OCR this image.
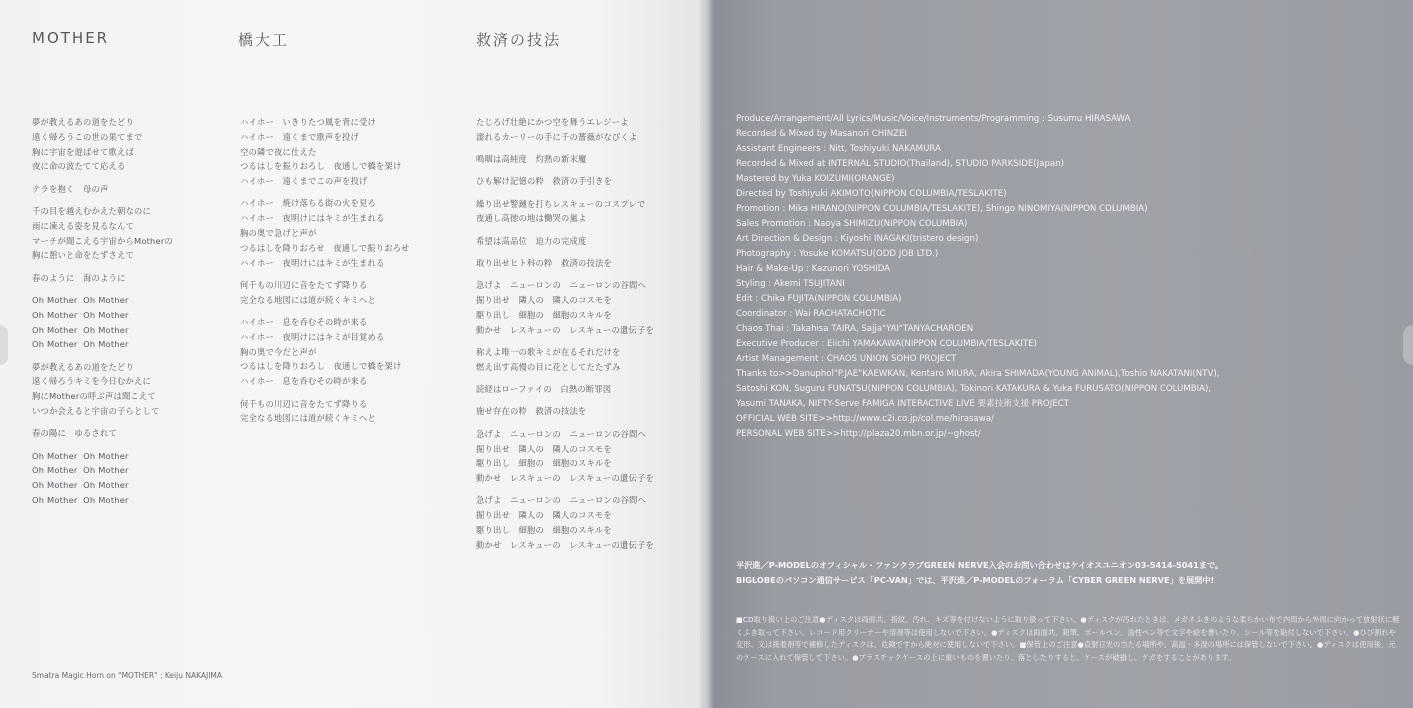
MOTHER	橋大工	救済の技法
夢が教えるあの道をたどり
遠く帰ろうこの世の果てまで
胸に宇宙を遊ばせて歌えば
夜に命の波たてて応える
テラを抱く　母の声
千の目を越えむかえた朝なのに
雨に凍える姿を見るなんて
マーチが聞こえる宇宙からMotherの
胸に憩いと命をたずさえて
春のように　海のように
Oh Mother  Oh Mother
Oh Mother  Oh Mother
Oh Mother  Oh Mother
Oh Mother  Oh Mother
夢が教えるあの道をたどり
遠く帰ろうキミを今日むかえに
胸にMotherの呼ぶ声は聞こえて
いつか会えると宇宙の子らとして
春の陽に　ゆるされて
Oh Mother  Oh Mother
Oh Mother  Oh Mother
Oh Mother  Oh Mother
Oh Mother  Oh Mother
ハイホー　いきりたつ風を背に受け
ハイホー　遠くまで歌声を投げ
空の隣で夜に仕えた
つるはしを振りおろし　夜通しで橋を架け
ハイホー　遠くまでこの声を投げ
ハイホー　焼け落ちる街の火を見ろ
ハイホー　夜明けにはキミが生まれる
胸の奥で急げと声が
つるはしを降りおろせ　夜通しで振りおろせ
ハイホー　夜明けにはキミが生まれる
何千もの川辺に音をたてず降りる
完全なる地図には道が続くキミへと
ハイホー　息を呑むその時が来る
ハイホー　夜明けにはキミが目覚める
胸の奥で今だと声が
つるはしを降りおろし　夜通しで橋を架け
ハイホー　息を呑むその時が来る
何千もの川辺に音をたてず降りる
完全なる地図には道が続くキミへと
たじろげ壮絶にかつ空を舞うエレジーよ
濡れるカーリーの手に千の薔薇がなびくよ
鳴咽は高純度　灼熱の新末魔
ひも解け記憶の粋　救済の手引きを
繰り出せ警鐘を打ちレスキューのコスプレで
夜通し高徳の地は慟哭の嵐よ
希望は高品位　迫力の完成度
取り出せヒト科の粋　救済の技法を
急げよ　ニューロンの　ニューロンの谷間へ
掘り出せ　隣人の　隣人のコスモを
駆り出し　細胞の　細胞のスキルを
動かせ　レスキューの　レスキューの遺伝子を
称えよ唯一の歌キミが在るそれだけを
燃え出す高慢の目に花としてたたずみ
読経はローファイの　白熱の断罪図
施せ存在の粋　救済の技法を
急げよ　ニューロンの　ニューロンの谷間へ
掘り出せ　隣人の　隣人のコスモを
駆り出し　細胞の　細胞のスキルを
動かせ　レスキューの　レスキューの遺伝子を
急げよ　ニューロンの　ニューロンの谷間へ
掘り出せ　隣人の　隣人のコスモを
駆り出し　細胞の　細胞のスキルを
動かせ　レスキューの　レスキューの遺伝子を
Smatra Magic Horn on "MOTHER" : Keiju NAKAJIMA
Produce/Arrangement/All Lyrics/Music/Voice/Instruments/Programming : Susumu HIRASAWA
Recorded & Mixed by Masanori CHINZEI
Assistant Engineers : Nitt, Toshiyuki NAKAMURA
Recorded & Mixed at INTERNAL STUDIO(Thailand), STUDIO PARKSIDE(Japan)
Mastered by Yuka KOIZUMI(ORANGE)
Directed by Toshiyuki AKIMOTO(NIPPON COLUMBIA/TESLAKITE)
Promotion : Mika HIRANO(NIPPON COLUMBIA/TESLAKITE), Shingo NINOMIYA(NIPPON COLUMBIA)
Sales Promotion : Naoya SHIMIZU(NIPPON COLUMBIA)
Art Direction & Design : Kiyoshi INAGAKI(tristero design)
Photography : Yosuke KOMATSU(ODD JOB LTD.)
Hair & Make-Up : Kazunori YOSHIDA
Styling : Akemi TSUJITANI
Edit : Chika FUJITA(NIPPON COLUMBIA)
Coordinator : Wai RACHATACHOTIC
Chaos Thai : Takahisa TAIRA, Sajja"YAI"TANYACHAROEN
Executive Producer : Eiichi YAMAKAWA(NIPPON COLUMBIA/TESLAKITE)
Artist Management : CHAOS UNION SOHO PROJECT
Thanks to>>Danuphol"P.JAE"KAEWKAN, Kentaro MIURA, Akira SHIMADA(YOUNG ANIMAL),Toshio NAKATANI(NTV),
Satoshi KON, Suguru FUNATSU(NIPPON COLUMBIA), Tokinori KATAKURA & Yuka FURUSATO(NIPPON COLUMBIA),
Yasumi TANAKA, NIFTY-Serve FAMIGA INTERACTIVE LIVE 要素技術支援 PROJECT
OFFICIAL WEB SITE>>http://www.c2i.co.jp/col.me/hirasawa/
PERSONAL WEB SITE>>http://plaza20.mbn.or.jp/~ghost/
平沢進／P-MODELのオフィシャル・ファンクラブGREEN NERVE入会のお問い合わせはケイオスユニオン03-5414-5041まで。
BIGLOBEのパソコン通信サービス「PC-VAN」では、平沢進／P-MODELのフォーラム「CYBER GREEN NERVE」を展開中!
■CD取り扱い上のご注意●ディスクは両面共、指紋、汚れ、キズ等を付けないように取り扱って下さい。●ディスクが汚れたときは、メガネふきのような柔らかい布で内周から外周に向かって放射状に軽くふき取って下さい。レコード用クリーナーや溶剤等は使用しないで下さい。●ディスクは両面共、鉛筆、ボールペン、油性ペン等で文字や絵を書いたり、シール等を貼付しないで下さい。●ひび割れや変形、又は接着剤等で補修したディスクは、危険ですから絶対に使用しないで下さい。■保管上のご注意●直射日光の当たる場所や、高温・多湿の場所には保管しないで下さい。●ディスクは使用後、元のケースに入れて保管して下さい。●プラスチックケースの上に重いものを置いたり、落としたりすると、ケースが破損し、ケガをすることがあります。
